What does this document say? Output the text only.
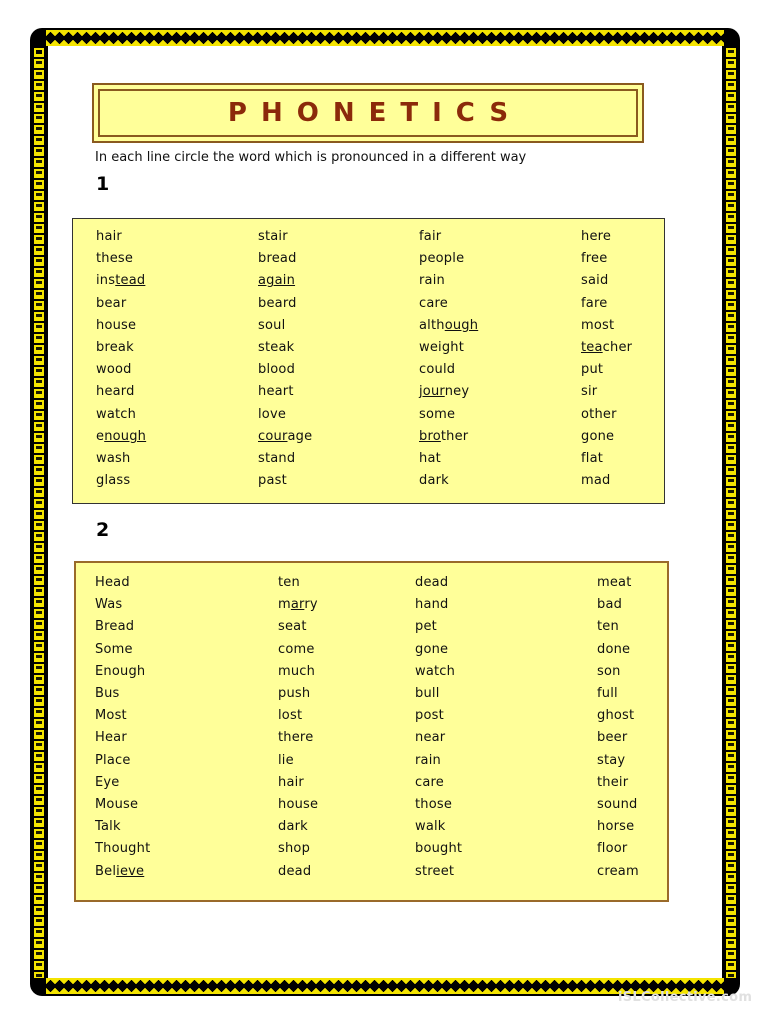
PHONETICS
In each line circle the word which is pronounced in a different way
1
hair	stair	fair	here
these	bread	people	free
instead	again	rain	said
bear	beard	care	fare
house	soul	although	most
break	steak	weight	teacher
wood	blood	could	put
heard	heart	journey	sir
watch	love	some	other
enough	courage	brother	gone
wash	stand	hat	flat
glass	past	dark	mad
2
Head	ten	dead	meat
Was	marry	hand	bad
Bread	seat	pet	ten
Some	come	gone	done
Enough	much	watch	son
Bus	push	bull	full
Most	lost	post	ghost
Hear	there	near	beer
Place	lie	rain	stay
Eye	hair	care	their
Mouse	house	those	sound
Talk	dark	walk	horse
Thought	shop	bought	floor
Believe	dead	street	cream
iSLCollective.com
